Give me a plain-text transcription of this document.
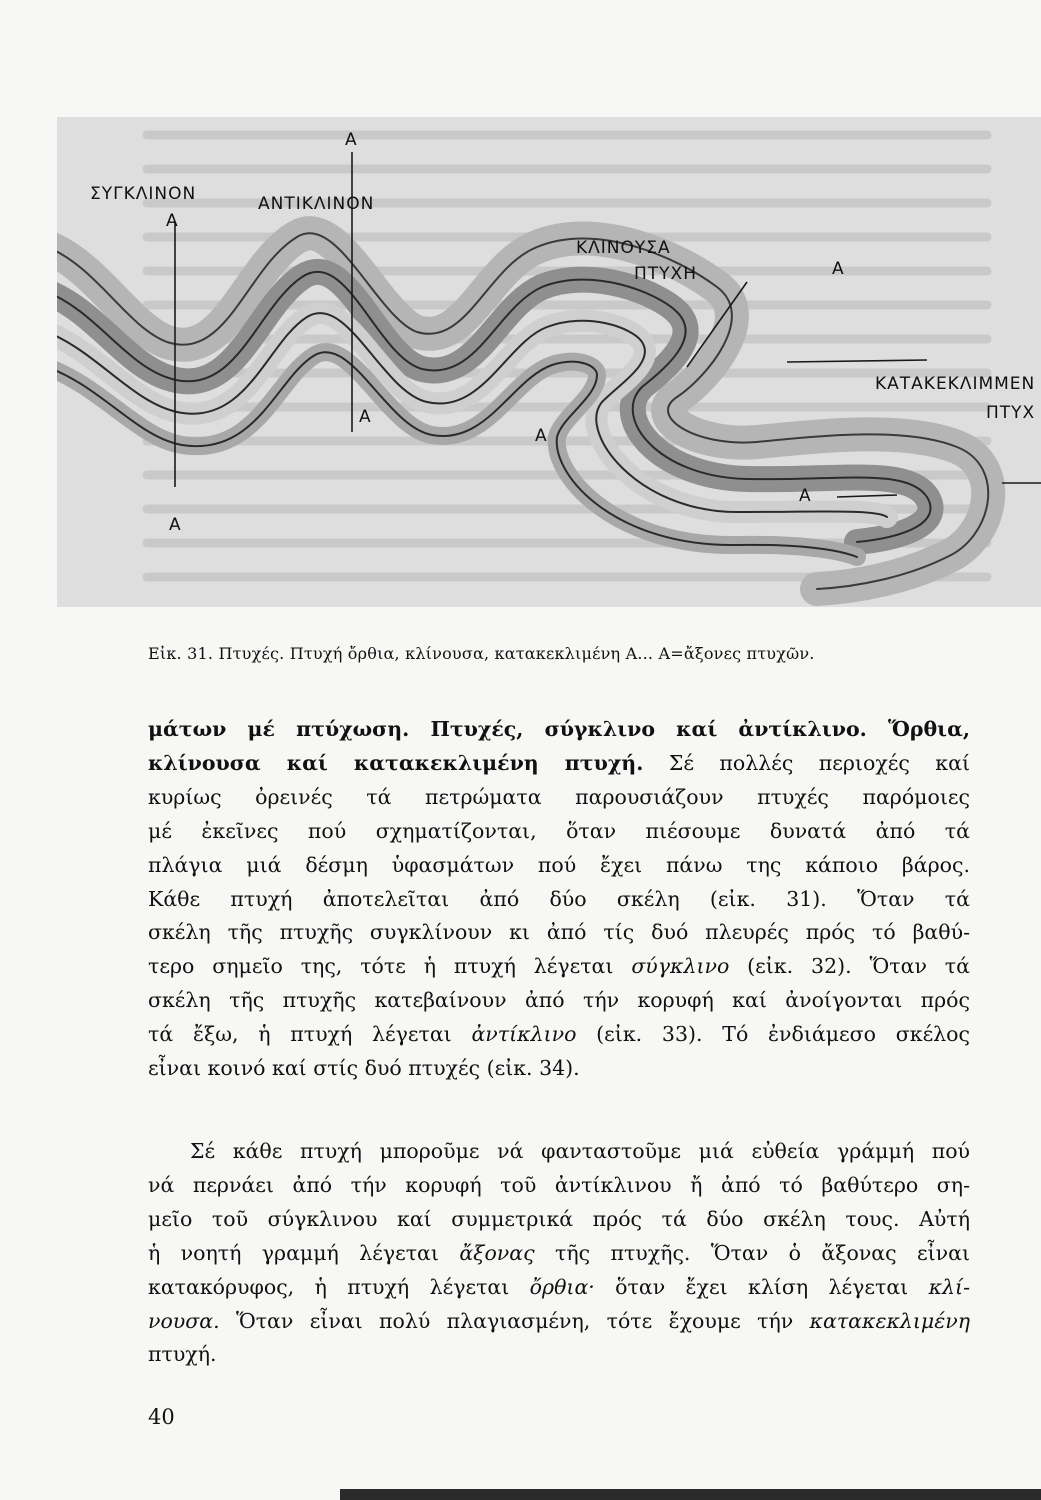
ΣΥΓΚΛΙΝΟΝ
Α
Α
ΑΝΤΙΚΛΙΝΟΝ
ΚΛΙΝΟΥΣΑ
ΠΤΥΧΗ	Α
ΚΑΤΑΚΕΚΛΙΜΜΕΝ
ΠΤΥΧ
Α
Α
Α
Α
Εἰκ. 31. Πτυχές. Πτυχή ὄρθια, κλίνουσα, κατακεκλιμένη Α... Α=ἄξονες πτυχῶν.
μάτων μέ πτύχωση. Πτυχές, σύγκλινο καί ἀντίκλινο. Ὅρθια,
κλίνουσα καί κατακεκλιμένη πτυχή. Σέ πολλές περιοχές καί
κυρίως ὀρεινές τά πετρώματα παρουσιάζουν πτυχές παρόμοιες
μέ ἐκεῖνες πού σχηματίζονται, ὅταν πιέσουμε δυνατά ἀπό τά
πλάγια μιά δέσμη ὑφασμάτων πού ἔχει πάνω της κάποιο βάρος.
Κάθε πτυχή ἀποτελεῖται ἀπό δύο σκέλη (εἰκ. 31). Ὅταν τά
σκέλη τῆς πτυχῆς συγκλίνουν κι ἀπό τίς δυό πλευρές πρός τό βαθύ-
τερο σημεῖο της, τότε ἡ πτυχή λέγεται σύγκλινο (εἰκ. 32). Ὅταν τά
σκέλη τῆς πτυχῆς κατεβαίνουν ἀπό τήν κορυφή καί ἀνοίγονται πρός
τά ἔξω, ἡ πτυχή λέγεται ἀντίκλινο (εἰκ. 33). Τό ἐνδιάμεσο σκέλος
εἶναι κοινό καί στίς δυό πτυχές (εἰκ. 34).
Σέ κάθε πτυχή μποροῦμε νά φανταστοῦμε μιά εὐθεία γράμμή πού
νά περνάει ἀπό τήν κορυφή τοῦ ἀντίκλινου ἤ ἀπό τό βαθύτερο ση-
μεῖο τοῦ σύγκλινου καί συμμετρικά πρός τά δύο σκέλη τους. Αὐτή
ἡ νοητή γραμμή λέγεται ἄξονας τῆς πτυχῆς. Ὅταν ὁ ἄξονας εἶναι
κατακόρυφος, ἡ πτυχή λέγεται ὄρθια· ὅταν ἔχει κλίση λέγεται κλί-
νουσα. Ὅταν εἶναι πολύ πλαγιασμένη, τότε ἔχουμε τήν κατακεκλιμένη
πτυχή.
40
